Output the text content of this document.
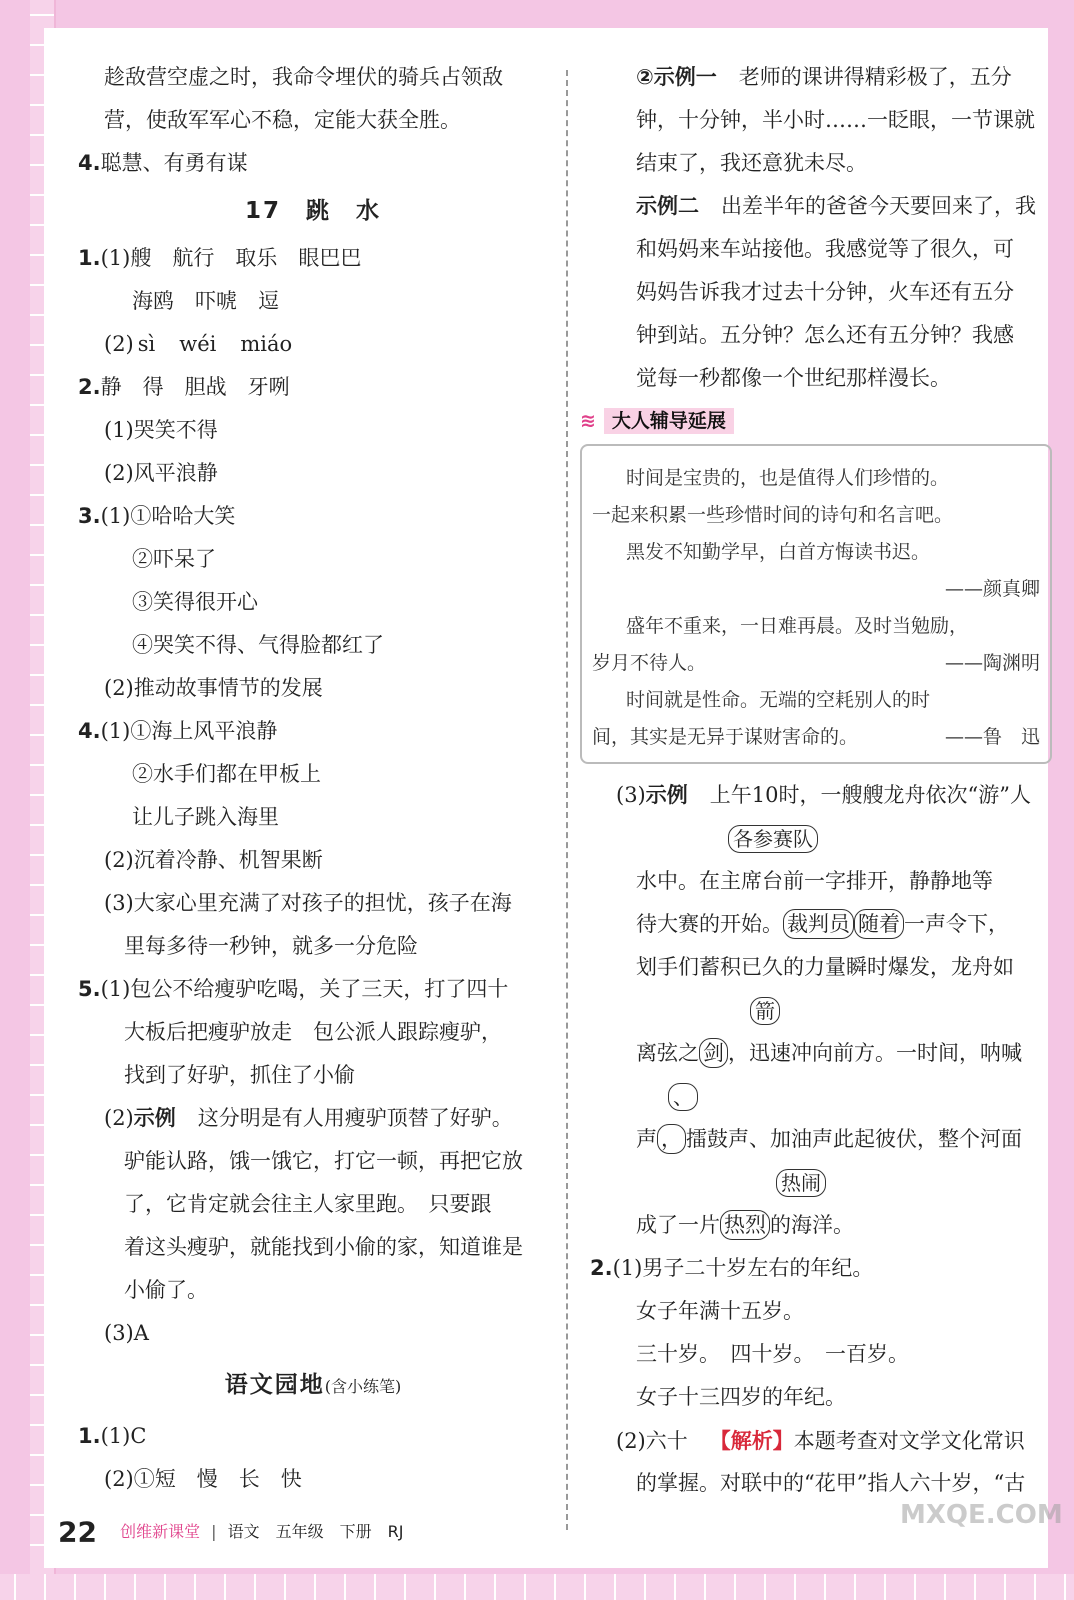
趁敌营空虚之时，我命令埋伏的骑兵占领敌
营，使敌军军心不稳，定能大获全胜。
4.聪慧、有勇有谋
17　跳　水
1.(1)艘　航行　取乐　眼巴巴
海鸥　吓唬　逗
(2) sì wéi miáo
2.静　得　胆战　牙咧
(1)哭笑不得
(2)风平浪静
3.(1)①哈哈大笑
②吓呆了
③笑得很开心
④哭笑不得、气得脸都红了
(2)推动故事情节的发展
4.(1)①海上风平浪静
②水手们都在甲板上
让儿子跳入海里
(2)沉着冷静、机智果断
(3)大家心里充满了对孩子的担忧，孩子在海
里每多待一秒钟，就多一分危险
5.(1)包公不给瘦驴吃喝，关了三天，打了四十
大板后把瘦驴放走　包公派人跟踪瘦驴，
找到了好驴，抓住了小偷
(2)示例 这分明是有人用瘦驴顶替了好驴。
驴能认路，饿一饿它，打它一顿，再把它放
了，它肯定就会往主人家里跑。　只要跟
着这头瘦驴，就能找到小偷的家，知道谁是
小偷了。
(3)A
语文园地(含小练笔)
1.(1)C
(2)①短　慢　长　快
②示例一 老师的课讲得精彩极了，五分
钟，十分钟，半小时……一眨眼，一节课就
结束了，我还意犹未尽。
示例二 出差半年的爸爸今天要回来了，我
和妈妈来车站接他。我感觉等了很久，可
妈妈告诉我才过去十分钟，火车还有五分
钟到站。五分钟？怎么还有五分钟？我感
觉每一秒都像一个世纪那样漫长。
≋ 大人辅导延展
时间是宝贵的，也是值得人们珍惜的。
一起来积累一些珍惜时间的诗句和名言吧。
黑发不知勤学早，白首方悔读书迟。
——颜真卿
盛年不重来，一日难再晨。及时当勉励，
岁月不待人。	——陶渊明
时间就是性命。无端的空耗别人的时
间，其实是无异于谋财害命的。	——鲁　迅
(3)示例 上午10时，一艘艘龙舟依次“游”人
各参赛队
水中。在主席台前一字排开，静静地等
待大赛的开始。 裁判员 随着 一声令下，
划手们蓄积已久的力量瞬时爆发，龙舟如
箭
离弦之 剑 ，迅速冲向前方。一时间，呐喊
、
声 ， 擂鼓声、加油声此起彼伏，整个河面
热闹
成了一片 热烈 的海洋。
2.(1)男子二十岁左右的年纪。
女子年满十五岁。
三十岁。　四十岁。　一百岁。
女子十三四岁的年纪。
(2)六十 【解析】本题考查对文学文化常识
的掌握。对联中的“花甲”指人六十岁，“古
22 创维新课堂 | 语文　五年级　下册　RJ
MXQE.COM
